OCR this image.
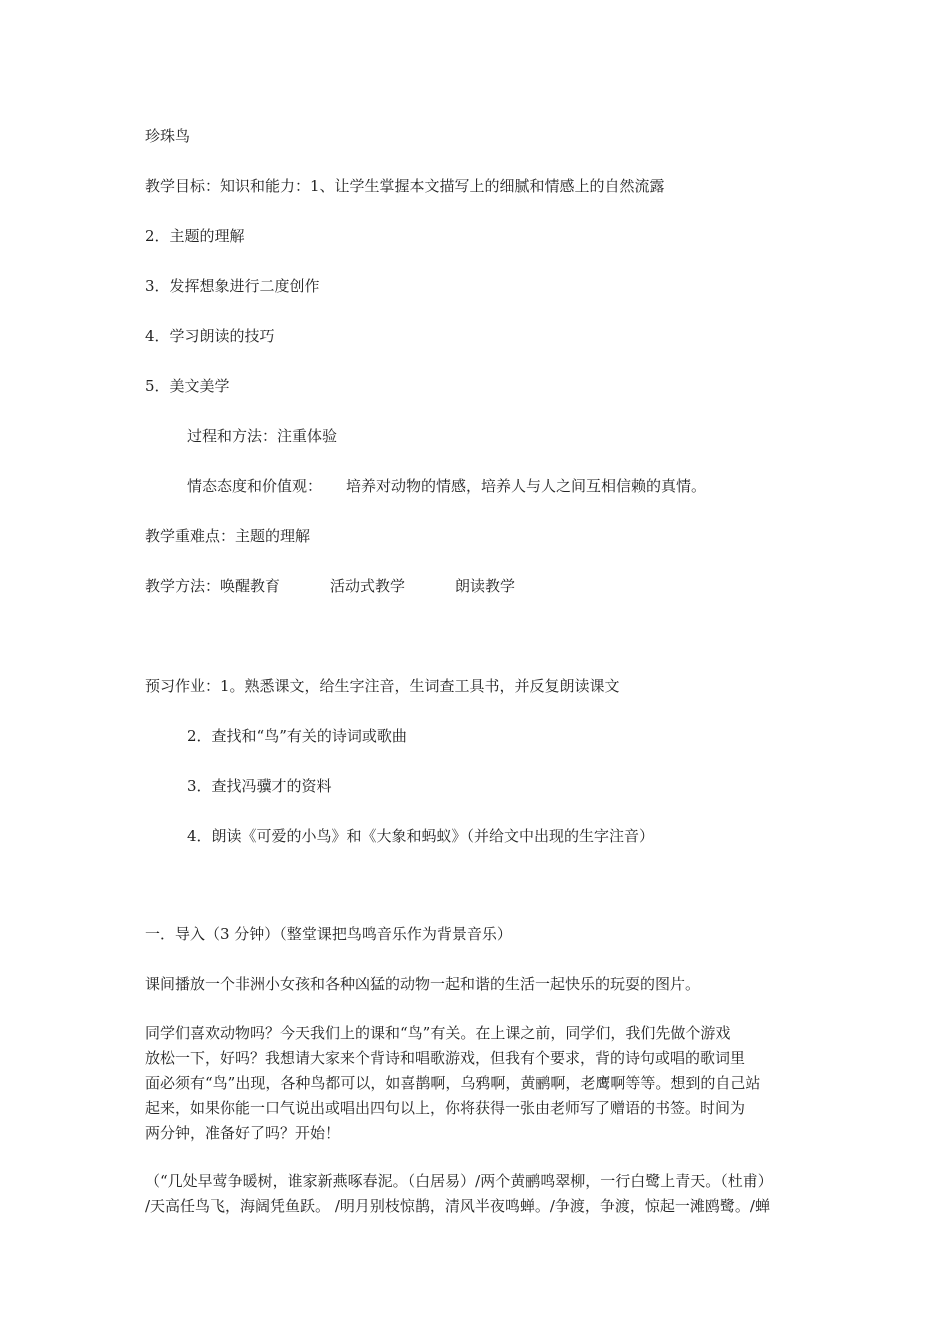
珍珠鸟
教学目标：知识和能力：1、让学生掌握本文描写上的细腻和情感上的自然流露
2．主题的理解
3．发挥想象进行二度创作
4．学习朗读的技巧
5．美文美学
过程和方法：注重体验
情态态度和价值观： 培养对动物的情感，培养人与人之间互相信赖的真情。
教学重难点：主题的理解
教学方法：唤醒教育	活动式教学	朗读教学
预习作业：1。熟悉课文，给生字注音，生词查工具书，并反复朗读课文
2．查找和“鸟”有关的诗词或歌曲
3．查找冯骥才的资料
4．朗读《可爱的小鸟》和《大象和蚂蚁》（并给文中出现的生字注音）
一．导入（3 分钟）（整堂课把鸟鸣音乐作为背景音乐）
课间播放一个非洲小女孩和各种凶猛的动物一起和谐的生活一起快乐的玩耍的图片。
同学们喜欢动物吗？今天我们上的课和“鸟”有关。在上课之前，同学们，我们先做个游戏
放松一下，好吗？我想请大家来个背诗和唱歌游戏，但我有个要求，背的诗句或唱的歌词里
面必须有“鸟”出现，各种鸟都可以，如喜鹊啊，乌鸦啊，黄鹂啊，老鹰啊等等。想到的自己站
起来，如果你能一口气说出或唱出四句以上，你将获得一张由老师写了赠语的书签。时间为
两分钟，准备好了吗？开始！
（“几处早莺争暖树，谁家新燕啄春泥。（白居易）/两个黄鹂鸣翠柳，一行白鹭上青天。（杜甫）
/天高任鸟飞，海阔凭鱼跃。 /明月别枝惊鹊，清风半夜鸣蝉。/争渡，争渡，惊起一滩鸥鹭。/蝉
